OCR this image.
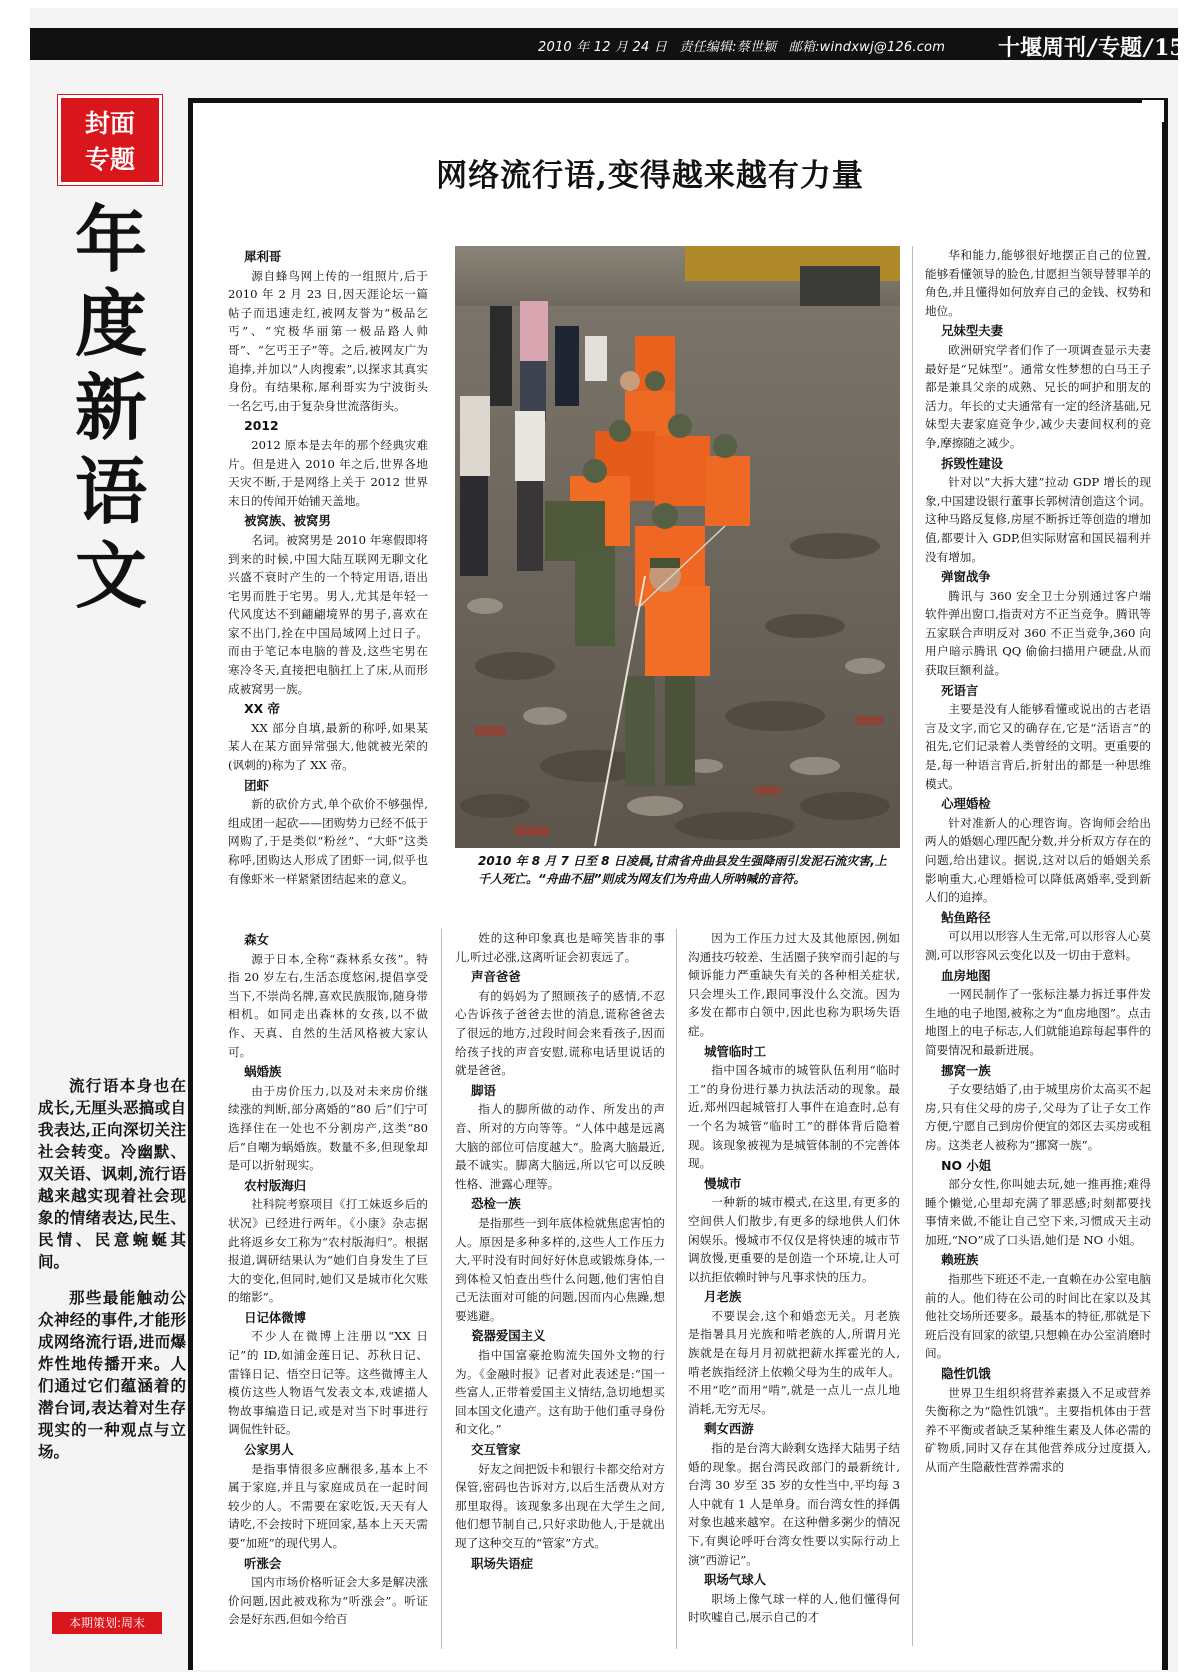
2010 年 12 月 24 日 责任编辑:蔡世颖 邮箱:windxwj@126.com	十堰周刊/专题/15
封面
专题
年
度
新
语
文

流行语本身也在成长,无厘头恶搞或自我表达,正向深切关注社会转变。冷幽默、双关语、讽刺,流行语越来越实现着社会现象的情绪表达,民生、民情、民意蜿蜒其间。

那些最能触动公众神经的事件,才能形成网络流行语,进而爆炸性地传播开来。人们通过它们蕴涵着的潜台词,表达着对生存现实的一种观点与立场。

本期策划:周末
网络流行语,变得越来越有力量
犀利哥

源自蜂鸟网上传的一组照片,后于 2010 年 2 月 23 日,因天涯论坛一篇帖子而迅速走红,被网友誉为“极品乞丐”、“究极华丽第一极品路人帅哥”、“乞丐王子”等。之后,被网友广为追捧,并加以“人肉搜索”,以探求其真实身份。有结果称,犀利哥实为宁波街头一名乞丐,由于复杂身世流落街头。

2012

2012 原本是去年的那个经典灾难片。但是进入 2010 年之后,世界各地天灾不断,于是网络上关于 2012 世界末日的传闻开始铺天盖地。

被窝族、被窝男

名词。被窝男是 2010 年寒假即将到来的时候,中国大陆互联网无聊文化兴盛不衰时产生的一个特定用语,语出宅男而胜于宅男。男人,尤其是年轻一代风度达不到翩翩境界的男子,喜欢在家不出门,拴在中国局域网上过日子。而由于笔记本电脑的普及,这些宅男在寒冷冬天,直接把电脑扛上了床,从而形成被窝男一族。

XX 帝

XX 部分自填,最新的称呼,如果某某人在某方面异常强大,他就被光荣的(讽刺的)称为了 XX 帝。

团虾

新的砍价方式,单个砍价不够强悍,组成团一起砍——团购势力已经不低于网购了,于是类似“粉丝”、“大虾”这类称呼,团购达人形成了团虾一词,似乎也有像虾米一样紧紧团结起来的意义。

2010 年 8 月 7 日至 8 日凌晨,甘肃省舟曲县发生强降雨引发泥石流灾害,上千人死亡。“舟曲不屈”则成为网友们为舟曲人所呐喊的音符。

华和能力,能够很好地摆正自己的位置,能够看懂领导的脸色,甘愿担当领导替罪羊的角色,并且懂得如何放弃自己的金钱、权势和地位。

兄妹型夫妻

欧洲研究学者们作了一项调查显示夫妻最好是“兄妹型”。通常女性梦想的白马王子都是兼具父亲的成熟、兄长的呵护和朋友的活力。年长的丈夫通常有一定的经济基础,兄妹型夫妻家庭竞争少,减少夫妻间权利的竞争,摩擦随之减少。

拆毁性建设

针对以“大拆大建”拉动 GDP 增长的现象,中国建设银行董事长郭树清创造这个词。这种马路反复修,房屋不断拆迁等创造的增加值,都要计入 GDP,但实际财富和国民福利并没有增加。

弹窗战争

腾讯与 360 安全卫士分别通过客户端软件弹出窗口,指责对方不正当竞争。腾讯等五家联合声明反对 360 不正当竞争,360 向用户暗示腾讯 QQ 偷偷扫描用户硬盘,从而获取巨额利益。

死语言

主要是没有人能够看懂或说出的古老语言及文字,而它又的确存在,它是“活语言”的祖先,它们记录着人类曾经的文明。更重要的是,每一种语言背后,折射出的都是一种思维模式。

心理婚检

针对准新人的心理咨询。咨询师会给出两人的婚姻心理匹配分数,并分析双方存在的问题,给出建议。据说,这对以后的婚姻关系影响重大,心理婚检可以降低离婚率,受到新人们的追捧。

鲇鱼路径

可以用以形容人生无常,可以形容人心莫测,可以形容风云变化以及一切由于意料。

血房地图

一网民制作了一张标注暴力拆迁事件发生地的电子地图,被称之为“血房地图”。点击地图上的电子标志,人们就能追踪每起事件的简要情况和最新进展。

挪窝一族

子女要结婚了,由于城里房价太高买不起房,只有住父母的房子,父母为了让子女工作方便,宁愿自己到房价便宜的郊区去买房或租房。这类老人被称为“挪窝一族”。

NO 小姐

部分女性,你叫她去玩,她一推再推;难得睡个懒觉,心里却充满了罪恶感;时刻都要找事情来做,不能让自己空下来,习惯成天主动加班,“NO”成了口头语,她们是 NO 小姐。

赖班族

指那些下班还不走,一直赖在办公室电脑前的人。他们待在公司的时间比在家以及其他社交场所还要多。最基本的特征,那就是下班后没有回家的欲望,只想赖在办公室消磨时间。

隐性饥饿

世界卫生组织将营养素摄入不足或营养失衡称之为“隐性饥饿”。主要指机体由于营养不平衡或者缺乏某种维生素及人体必需的矿物质,同时又存在其他营养成分过度摄入,从而产生隐蔽性营养需求的

森女

源于日本,全称“森林系女孩”。特指 20 岁左右,生活态度悠闲,提倡享受当下,不崇尚名牌,喜欢民族服饰,随身带相机。如同走出森林的女孩,以不做作、天真、自然的生活风格被大家认可。

蜗婚族

由于房价压力,以及对未来房价继续涨的判断,部分离婚的“80 后”们宁可选择住在一处也不分割房产,这类“80 后”自嘲为蜗婚族。数量不多,但现象却是可以折射现实。

农村版海归

社科院考察项目《打工妹返乡后的状况》已经进行两年。《小康》杂志据此将返乡女工称为“农村版海归”。根据报道,调研结果认为“她们自身发生了巨大的变化,但同时,她们又是城市化欠账的缩影”。

日记体微博

不少人在微博上注册以“XX 日记”的 ID,如浦金莲日记、苏秋日记、雷锋日记、悟空日记等。这些微博主人模仿这些人物语气发表文本,戏谑描人物故事编造日记,或是对当下时事进行调侃性针砭。

公家男人

是指事情很多应酬很多,基本上不属于家庭,并且与家庭成员在一起时间较少的人。不需要在家吃饭,天天有人请吃,不会按时下班回家,基本上天天需要“加班”的现代男人。

听涨会

国内市场价格听证会大多是解决涨价问题,因此被戏称为“听涨会”。听证会是好东西,但如今给百

姓的这种印象真也是啼笑皆非的事儿,听过必涨,这离听证会初衷远了。

声音爸爸

有的妈妈为了照顾孩子的感情,不忍心告诉孩子爸爸去世的消息,谎称爸爸去了很远的地方,过段时间会来看孩子,因而给孩子找的声音安慰,谎称电话里说话的就是爸爸。

脚语

指人的脚所做的动作、所发出的声音、所对的方向等等。“人体中越是远离大脑的部位可信度越大”。脸离大脑最近,最不诚实。脚离大脑远,所以它可以反映性格、泄露心理等。

恐检一族

是指那些一到年底体检就焦虑害怕的人。原因是多种多样的,这些人工作压力大,平时没有时间好好休息或锻炼身体,一到体检又怕查出些什么问题,他们害怕自己无法面对可能的问题,因而内心焦躁,想要逃避。

瓷器爱国主义

指中国富豪抢购流失国外文物的行为。《金融时报》记者对此表述是:“国一些富人,正带着爱国主义情结,急切地想买回本国文化遗产。这有助于他们重寻身份和文化。”

交互管家

好友之间把饭卡和银行卡都交给对方保管,密码也告诉对方,以后生活费从对方那里取得。该现象多出现在大学生之间,他们想节制自己,只好求助他人,于是就出现了这种交互的“管家”方式。

职场失语症

因为工作压力过大及其他原因,例如沟通技巧较差、生活圈子狭窄而引起的与倾诉能力严重缺失有关的各种相关症状,只会埋头工作,跟同事没什么交流。因为多发在都市白领中,因此也称为职场失语症。

城管临时工

指中国各城市的城管队伍利用“临时工”的身份进行暴力执法活动的现象。最近,郑州四起城管打人事件在追查时,总有一个名为城管“临时工”的群体背后隐着现。该现象被视为是城管体制的不完善体现。

慢城市

一种新的城市模式,在这里,有更多的空间供人们散步,有更多的绿地供人们休闲娱乐。慢城市不仅仅是将快速的城市节调放慢,更重要的是创造一个环境,让人可以抗拒依赖时钟与凡事求快的压力。

月老族

不要误会,这个和婚恋无关。月老族是指暑具月光族和啃老族的人,所谓月光族就是在每月月初就把薪水挥霍光的人,啃老族指经济上依赖父母为生的成年人。不用“吃”而用“啃”,就是一点儿一点儿地消耗,无穷无尽。

剩女西游

指的是台湾大龄剩女选择大陆男子结婚的现象。据台湾民政部门的最新统计,台湾 30 岁至 35 岁的女性当中,平均每 3 人中就有 1 人是单身。而台湾女性的择偶对象也越来越窄。在这种僧多粥少的情况下,有舆论呼吁台湾女性要以实际行动上演“西游记”。

职场气球人

职场上像气球一样的人,他们懂得何时吹嘘自己,展示自己的才
